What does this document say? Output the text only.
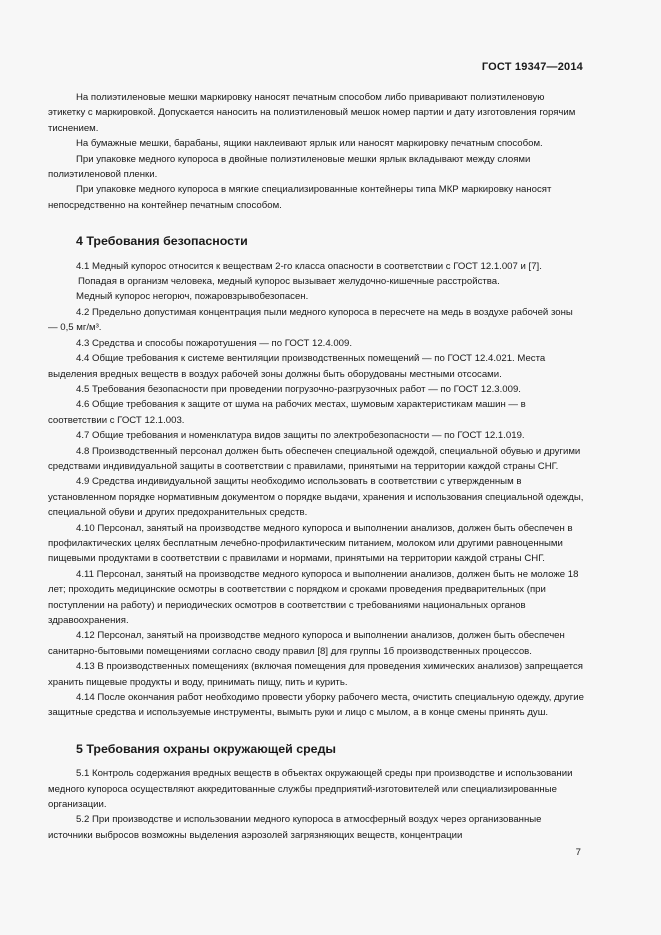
ГОСТ 19347—2014

На полиэтиленовые мешки маркировку наносят печатным способом либо приваривают полиэтиленовую этикетку с маркировкой. Допускается наносить на полиэтиленовый мешок номер партии и дату изготовления горячим тиснением.

На бумажные мешки, барабаны, ящики наклеивают ярлык или наносят маркировку печатным способом.

При упаковке медного купороса в двойные полиэтиленовые мешки ярлык вкладывают между слоями полиэтиленовой пленки.

При упаковке медного купороса в мягкие специализированные контейнеры типа МКР маркировку наносят непосредственно на контейнер печатным способом.

4 Требования безопасности

4.1 Медный купорос относится к веществам 2-го класса опасности в соответствии с ГОСТ 12.1.007 и [7].

Попадая в организм человека, медный купорос вызывает желудочно-кишечные расстройства.

Медный купорос негорюч, пожаровзрывобезопасен.

4.2 Предельно допустимая концентрация пыли медного купороса в пересчете на медь в воздухе рабочей зоны — 0,5 мг/м³.

4.3 Средства и способы пожаротушения — по ГОСТ 12.4.009.

4.4 Общие требования к системе вентиляции производственных помещений — по ГОСТ 12.4.021. Места выделения вредных веществ в воздух рабочей зоны должны быть оборудованы местными отсосами.

4.5 Требования безопасности при проведении погрузочно-разгрузочных работ — по ГОСТ 12.3.009.

4.6 Общие требования к защите от шума на рабочих местах, шумовым характеристикам машин — в соответствии с ГОСТ 12.1.003.

4.7 Общие требования и номенклатура видов защиты по электробезопасности — по ГОСТ 12.1.019.

4.8 Производственный персонал должен быть обеспечен специальной одеждой, специальной обувью и другими средствами индивидуальной защиты в соответствии с правилами, принятыми на территории каждой страны СНГ.

4.9 Средства индивидуальной защиты необходимо использовать в соответствии с утвержденным в установленном порядке нормативным документом о порядке выдачи, хранения и использования специальной одежды, специальной обуви и других предохранительных средств.

4.10 Персонал, занятый на производстве медного купороса и выполнении анализов, должен быть обеспечен в профилактических целях бесплатным лечебно-профилактическим питанием, молоком или другими равноценными пищевыми продуктами в соответствии с правилами и нормами, принятыми на территории каждой страны СНГ.

4.11 Персонал, занятый на производстве медного купороса и выполнении анализов, должен быть не моложе 18 лет; проходить медицинские осмотры в соответствии с порядком и сроками проведения предварительных (при поступлении на работу) и периодических осмотров в соответствии с требованиями национальных органов здравоохранения.

4.12 Персонал, занятый на производстве медного купороса и выполнении анализов, должен быть обеспечен санитарно-бытовыми помещениями согласно своду правил [8] для группы 1б производственных процессов.

4.13 В производственных помещениях (включая помещения для проведения химических анализов) запрещается хранить пищевые продукты и воду, принимать пищу, пить и курить.

4.14 После окончания работ необходимо провести уборку рабочего места, очистить специальную одежду, другие защитные средства и используемые инструменты, вымыть руки и лицо с мылом, а в конце смены принять душ.

5 Требования охраны окружающей среды

5.1 Контроль содержания вредных веществ в объектах окружающей среды при производстве и использовании медного купороса осуществляют аккредитованные службы предприятий-изготовителей или специализированные организации.

5.2 При производстве и использовании медного купороса в атмосферный воздух через организованные источники выбросов возможны выделения аэрозолей загрязняющих веществ, концентрации

7
